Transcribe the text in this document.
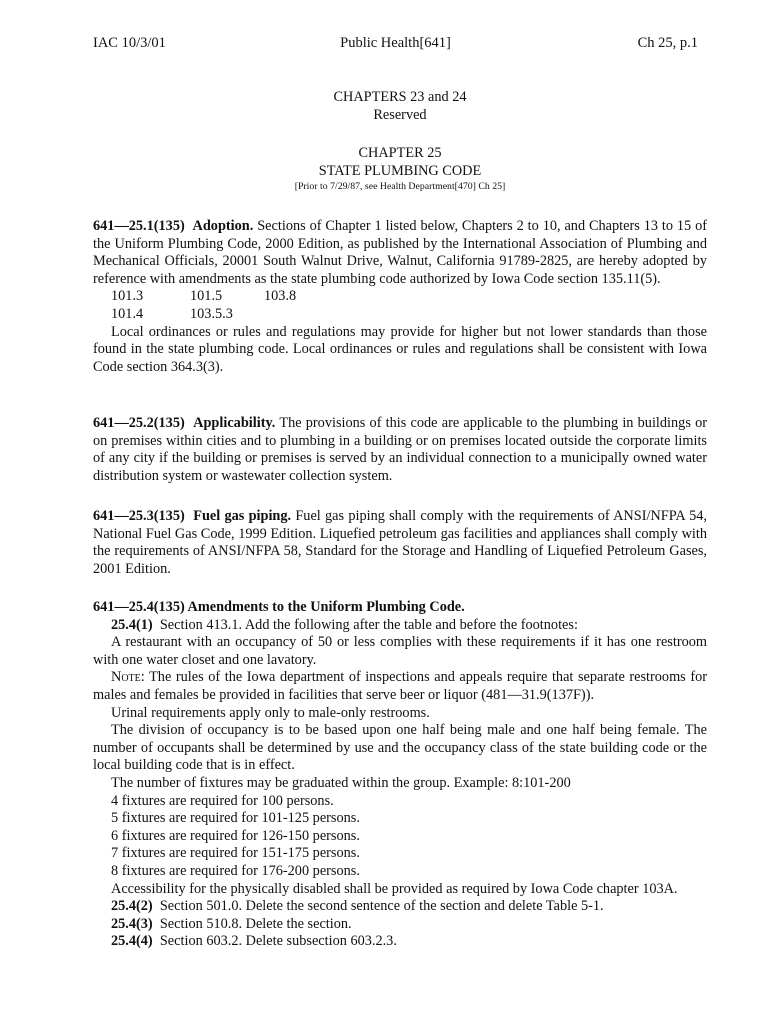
IAC 10/3/01	Public Health[641]	Ch 25, p.1
CHAPTERS 23 and 24
Reserved
CHAPTER 25
STATE PLUMBING CODE
[Prior to 7/29/87, see Health Department[470] Ch 25]

641—25.1(135) Adoption. Sections of Chapter 1 listed below, Chapters 2 to 10, and Chapters 13 to 15 of the Uniform Plumbing Code, 2000 Edition, as published by the International Association of Plumbing and Mechanical Officials, 20001 South Walnut Drive, Walnut, California 91789-2825, are hereby adopted by reference with amendments as the state plumbing code authorized by Iowa Code section 135.11(5).

101.3	101.5	103.8
101.4	103.5.3

Local ordinances or rules and regulations may provide for higher but not lower standards than those found in the state plumbing code. Local ordinances or rules and regulations shall be consistent with Iowa Code section 364.3(3).

641—25.2(135) Applicability. The provisions of this code are applicable to the plumbing in buildings or on premises within cities and to plumbing in a building or on premises located outside the corporate limits of any city if the building or premises is served by an individual connection to a municipally owned water distribution system or wastewater collection system.

641—25.3(135) Fuel gas piping. Fuel gas piping shall comply with the requirements of ANSI/NFPA 54, National Fuel Gas Code, 1999 Edition. Liquefied petroleum gas facilities and appliances shall comply with the requirements of ANSI/NFPA 58, Standard for the Storage and Handling of Liquefied Petroleum Gases, 2001 Edition.

641—25.4(135) Amendments to the Uniform Plumbing Code.

25.4(1) Section 413.1. Add the following after the table and before the footnotes:

A restaurant with an occupancy of 50 or less complies with these requirements if it has one restroom with one water closet and one lavatory.

Note: The rules of the Iowa department of inspections and appeals require that separate restrooms for males and females be provided in facilities that serve beer or liquor (481—31.9(137F)).

Urinal requirements apply only to male-only restrooms.

The division of occupancy is to be based upon one half being male and one half being female. The number of occupants shall be determined by use and the occupancy class of the state building code or the local building code that is in effect.

The number of fixtures may be graduated within the group. Example: 8:101-200

4 fixtures are required for 100 persons.

5 fixtures are required for 101-125 persons.

6 fixtures are required for 126-150 persons.

7 fixtures are required for 151-175 persons.

8 fixtures are required for 176-200 persons.

Accessibility for the physically disabled shall be provided as required by Iowa Code chapter 103A.

25.4(2) Section 501.0. Delete the second sentence of the section and delete Table 5-1.

25.4(3) Section 510.8. Delete the section.

25.4(4) Section 603.2. Delete subsection 603.2.3.
